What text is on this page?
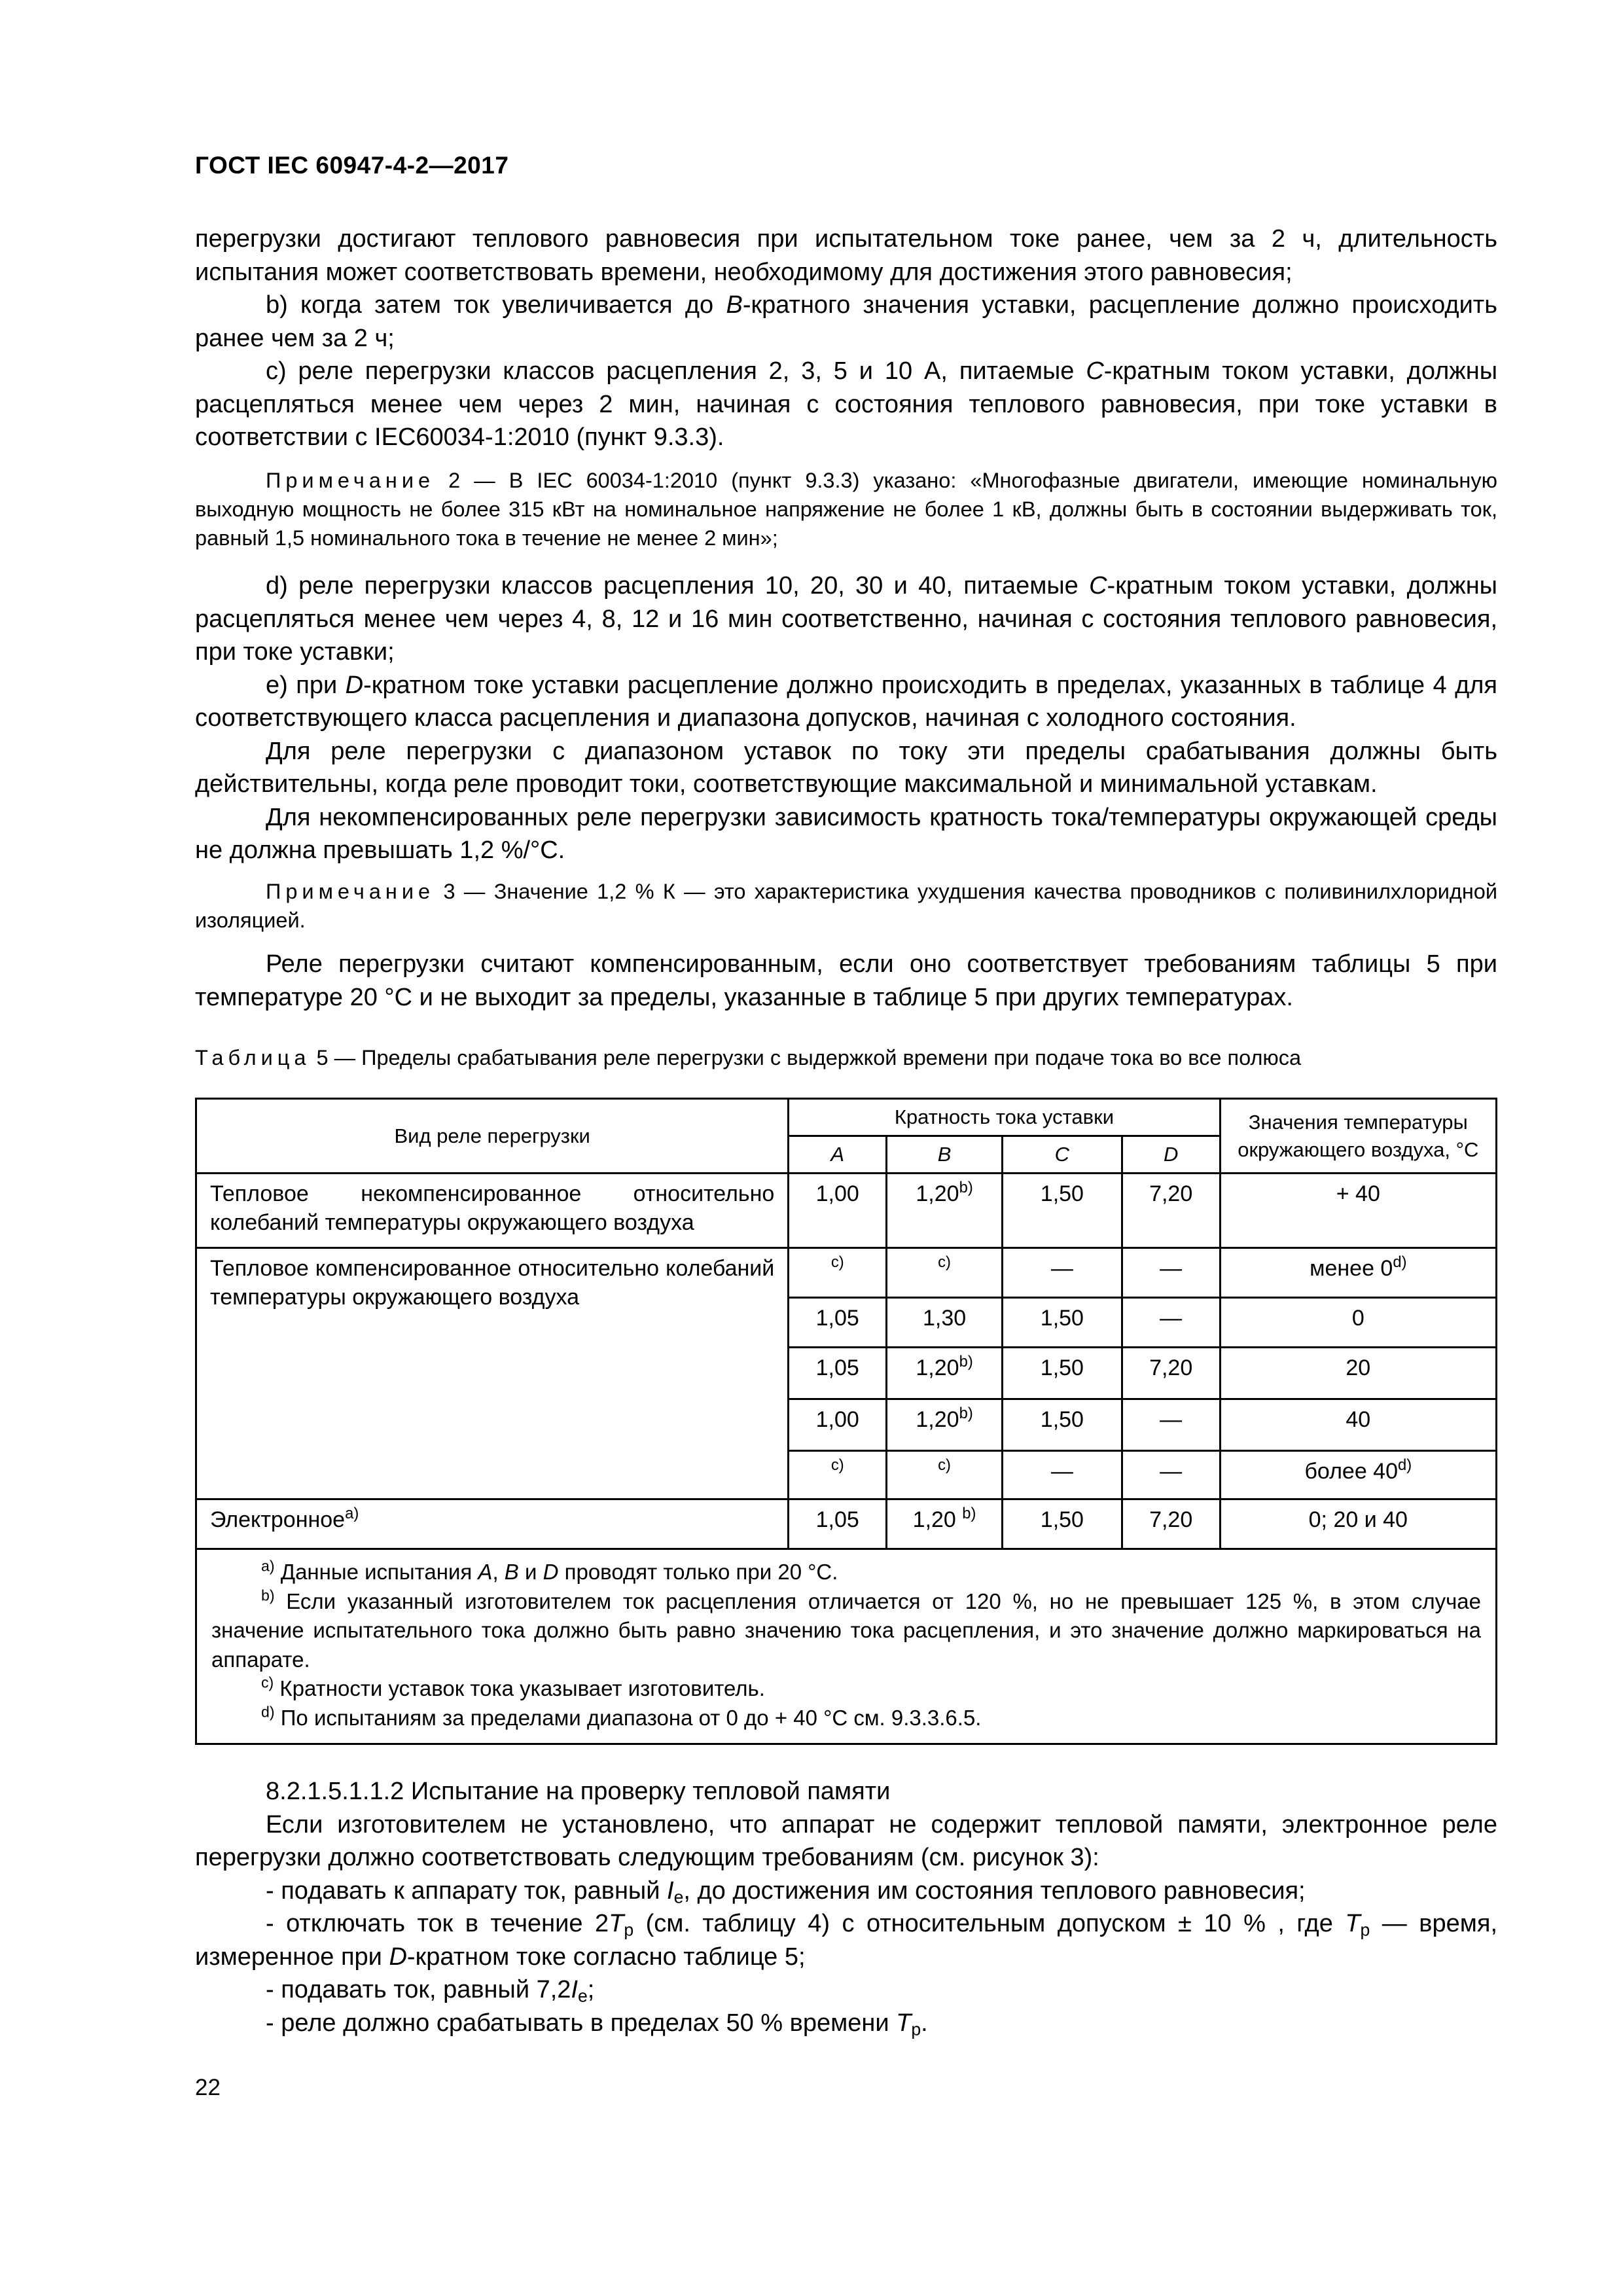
ГОСТ IEC 60947-4-2—2017

перегрузки достигают теплового равновесия при испытательном токе ранее, чем за 2 ч, длительность испытания может соответствовать времени, необходимому для достижения этого равновесия;

b) когда затем ток увеличивается до B-кратного значения уставки, расцепление должно происходить ранее чем за 2 ч;

c) реле перегрузки классов расцепления 2, 3, 5 и 10 A, питаемые C-кратным током уставки, должны расцепляться менее чем через 2 мин, начиная с состояния теплового равновесия, при токе уставки в соответствии с IEC60034-1:2010 (пункт 9.3.3).

Примечание 2 — В IEC 60034-1:2010 (пункт 9.3.3) указано: «Многофазные двигатели, имеющие номинальную выходную мощность не более 315 кВт на номинальное напряжение не более 1 кВ, должны быть в состоянии выдерживать ток, равный 1,5 номинального тока в течение не менее 2 мин»;

d) реле перегрузки классов расцепления 10, 20, 30 и 40, питаемые C-кратным током уставки, должны расцепляться менее чем через 4, 8, 12 и 16 мин соответственно, начиная с состояния теплового равновесия, при токе уставки;

e) при D-кратном токе уставки расцепление должно происходить в пределах, указанных в таблице 4 для соответствующего класса расцепления и диапазона допусков, начиная с холодного состояния.

Для реле перегрузки с диапазоном уставок по току эти пределы срабатывания должны быть действительны, когда реле проводит токи, соответствующие максимальной и минимальной уставкам.

Для некомпенсированных реле перегрузки зависимость кратность тока/температуры окружающей среды не должна превышать 1,2 %/°C.

Примечание 3 — Значение 1,2 % К — это характеристика ухудшения качества проводников с поливинилхлоридной изоляцией.

Реле перегрузки считают компенсированным, если оно соответствует требованиям таблицы 5 при температуре 20 °C и не выходит за пределы, указанные в таблице 5 при других температурах.

Таблица 5 — Пределы срабатывания реле перегрузки с выдержкой времени при подаче тока во все полюса

Вид реле перегрузки	Кратность тока уставки				Значения температуры окружающего воздуха, °C
	A	B	C	D	
Тепловое некомпенсированное относительно колебаний температуры окружающего воздуха	1,00	1,20$^{b)}$	1,50	7,20	+ 40
Тепловое компенсированное относительно колебаний температуры окружающего воздуха	$^{c)}$	$^{c)}$	—	—	менее 0$^{d)}$
	1,05	1,30	1,50	—	0
	1,05	1,20$^{b)}$	1,50	7,20	20
	1,00	1,20$^{b)}$	1,50	—	40
	$^{c)}$	$^{c)}$	—	—	более 40$^{d)}$
Электронное$^{a)}$	1,05	1,20 $^{b)}$	1,50	7,20	0; 20 и 40

$^{a)}$ Данные испытания A, B и D проводят только при 20 °C.

$^{b)}$ Если указанный изготовителем ток расцепления отличается от 120 %, но не превышает 125 %, в этом случае значение испытательного тока должно быть равно значению тока расцепления, и это значение должно маркироваться на аппарате.

$^{c)}$ Кратности уставок тока указывает изготовитель.

$^{d)}$ По испытаниям за пределами диапазона от 0 до + 40 °C см. 9.3.3.6.5.					

8.2.1.5.1.1.2 Испытание на проверку тепловой памяти

Если изготовителем не установлено, что аппарат не содержит тепловой памяти, электронное реле перегрузки должно соответствовать следующим требованиям (см. рисунок 3):

- подавать к аппарату ток, равный $I_e$, до достижения им состояния теплового равновесия;

- отключать ток в течение $2T_p$ (см. таблицу 4) с относительным допуском ± 10 % , где $T_p$ — время, измеренное при D-кратном токе согласно таблице 5;

- подавать ток, равный $7,2I_e$;

- реле должно срабатывать в пределах 50 % времени $T_p$.

22
